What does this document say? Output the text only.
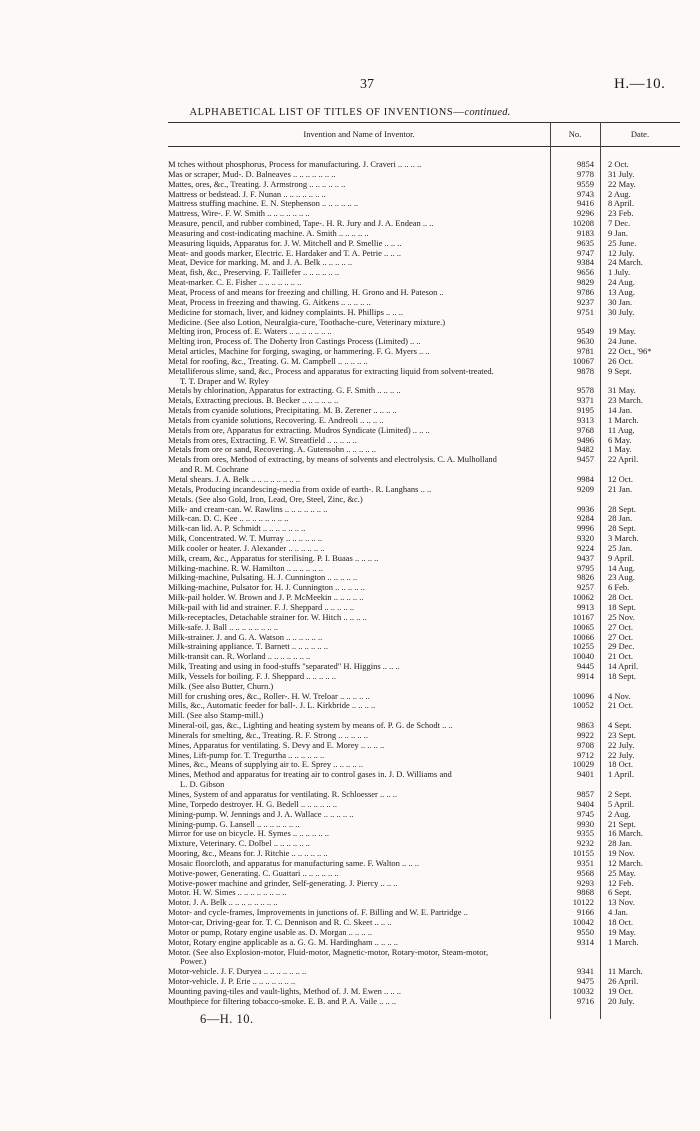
37	H.—10.
ALPHABETICAL LIST OF TITLES OF INVENTIONS—continued.
Invention and Name of Inventor.	No.	Date.
M tches without phosphorus, Process for manufacturing. J. Craveri .. .. .. ..	9854 2 Oct.
Mas or scraper, Mud-. D. Balneaves .. .. .. .. .. .. ..	9778 31 July.
Mattes, ores, &c., Treating. J. Armstrong .. .. .. .. .. ..	9559 22 May.
Mattress or bedstead. J. F. Nunan .. .. .. .. .. .. ..	9743 2 Aug.
Mattress stuffing machine. E. N. Stephenson .. .. .. .. .. ..	9416 8 April.
Mattress, Wire-. F. W. Smith .. .. .. .. .. .. ..	9296 23 Feb.
Measure, pencil, and rubber combined, Tape-. H. R. Jury and J. A. Endean .. ..	10208 7 Dec.
Measuring and cost-indicating machine. A. Smith .. .. .. .. ..	9183 9 Jan.
Measuring liquids, Apparatus for. J. W. Mitchell and P. Smellie .. .. ..	9635 25 June.
Meat- and goods marker, Electric. E. Hardaker and T. A. Petrie .. .. ..	9747 12 July.
Meat, Device for marking. M. and J. A. Belk .. .. .. .. ..	9384 24 March.
Meat, fish, &c., Preserving. F. Taillefer .. .. .. .. .. ..	9656 1 July.
Meat-marker. C. E. Fisher .. .. .. .. .. .. ..	9829 24 Aug.
Meat, Process of and means for freezing and chilling. H. Grono and H. Pateson ..	9786 13 Aug.
Meat, Process in freezing and thawing. G. Aitkens .. .. .. .. ..	9237 30 Jan.
Medicine for stomach, liver, and kidney complaints. H. Phillips .. .. ..	9751 30 July.
Medicine. (See also Lotion, Neuralgia-cure, Toothache-cure, Veterinary mixture.)
Melting iron, Process of. E. Waters .. .. .. .. .. .. ..	9549 19 May.
Melting iron, Process of. The Doherty Iron Castings Process (Limited) .. ..	9630 24 June.
Metal articles, Machine for forging, swaging, or hammering. F. G. Myers .. ..	9781 22 Oct., '96*
Metal for roofing, &c., Treating. G. M. Campbell .. .. .. .. ..	10067 26 Oct.
Metalliferous slime, sand, &c., Process and apparatus for extracting liquid from solvent-treated.	9878 9 Sept.
T. T. Draper and W. Ryley
Metals by chlorination, Apparatus for extracting. G. F. Smith .. .. .. ..	9578 31 May.
Metals, Extracting precious. B. Becker .. .. .. .. .. ..	9371 23 March.
Metals from cyanide solutions, Precipitating. M. B. Zerener .. .. .. ..	9195 14 Jan.
Metals from cyanide solutions, Recovering. E. Andreoli .. .. .. ..	9313 1 March.
Metals from ore, Apparatus for extracting. Mudros Syndicate (Limited) .. .. ..	9768 11 Aug.
Metals from ores, Extracting. F. W. Streatfield .. .. .. .. ..	9496 6 May.
Metals from ore or sand, Recovering. A. Gutensohn .. .. .. .. ..	9482 1 May.
Metals from ores, Method of extracting, by means of solvents and electrolysis. C. A. Mulholland	9457 22 April.
and R. M. Cochrane
Metal shears. J. A. Belk .. .. .. .. .. .. .. ..	9984 12 Oct.
Metals, Producing incandescing-media from oxide of earth-. R. Langhans .. ..	9209 21 Jan.
Metals. (See also Gold, Iron, Lead, Ore, Steel, Zinc, &c.)
Milk- and cream-can. W. Rawlins .. .. .. .. .. .. ..	9936 28 Sept.
Milk-can. D. C. Kee .. .. .. .. .. .. .. ..	9284 28 Jan.
Milk-can lid. A. P. Schmidt .. .. .. .. .. .. ..	9996 28 Sept.
Milk, Concentrated. W. T. Murray .. .. .. .. .. ..	9320 3 March.
Milk cooler or heater. J. Alexander .. .. .. .. .. ..	9224 25 Jan.
Milk, cream, &c., Apparatus for sterilising. P. I. Buaas .. .. .. ..	9437 9 April.
Milking-machine. R. W. Hamilton .. .. .. .. .. ..	9795 14 Aug.
Milking-machine, Pulsating. H. J. Cunnington .. .. .. .. ..	9826 23 Aug.
Milking-machine, Pulsator for. H. J. Cunnington .. .. .. .. ..	9257 6 Feb.
Milk-pail holder. W. Brown and J. P. McMeekin .. .. .. .. ..	10062 28 Oct.
Milk-pail with lid and strainer. F. J. Sheppard .. .. .. .. ..	9913 18 Sept.
Milk-receptacles, Detachable strainer for. W. Hitch .. .. .. ..	10167 25 Nov.
Milk-safe. J. Ball .. .. .. .. .. .. .. ..	10065 27 Oct.
Milk-strainer. J. and G. A. Watson .. .. .. .. .. ..	10066 27 Oct.
Milk-straining appliance. T. Barnett .. .. .. .. .. ..	10255 29 Dec.
Milk-transit can. R. Worland .. .. .. .. .. .. ..	10040 21 Oct.
Milk, Treating and using in food-stuffs "separated" H. Higgins .. .. ..	9445 14 April.
Milk, Vessels for boiling. F. J. Sheppard .. .. .. .. ..	9914 18 Sept.
Milk. (See also Butter, Churn.)
Mill for crushing ores, &c., Roller-. H. W. Treloar .. .. .. .. ..	10096 4 Nov.
Mills, &c., Automatic feeder for ball-. J. L. Kirkbride .. .. .. ..	10052 21 Oct.
Mill. (See also Stamp-mill.)
Mineral-oil, gas, &c., Lighting and heating system by means of. P. G. de Schodt .. ..	9863 4 Sept.
Minerals for smelting, &c., Treating. R. F. Strong .. .. .. .. ..	9922 23 Sept.
Mines, Apparatus for ventilating. S. Devy and E. Morey .. .. .. ..	9708 22 July.
Mines, Lift-pump for. T. Tregurtha .. .. .. .. .. ..	9712 22 July.
Mines, &c., Means of supplying air to. E. Sprey .. .. .. .. ..	10029 18 Oct.
Mines, Method and apparatus for treating air to control gases in. J. D. Williams and	9401 1 April.
L. D. Gibson
Mines, System of and apparatus for ventilating. R. Schloesser .. .. ..	9857 2 Sept.
Mine, Torpedo destroyer. H. G. Bedell .. .. .. .. .. ..	9404 5 April.
Mining-pump. W. Jennings and J. A. Wallace .. .. .. .. ..	9745 2 Aug.
Mining-pump. G. Lansell .. .. .. .. .. .. ..	9930 21 Sept.
Mirror for use on bicycle. H. Symes .. .. .. .. .. ..	9355 16 March.
Mixture, Veterinary. C. Dolbel .. .. .. .. .. ..	9232 28 Jan.
Mooring, &c., Means for. J. Ritchie .. .. .. .. .. ..	10155 19 Nov.
Mosaic floorcloth, and apparatus for manufacturing same. F. Walton .. .. ..	9351 12 March.
Motive-power, Generating. C. Guattari .. .. .. .. .. ..	9568 25 May.
Motive-power machine and grinder, Self-generating. J. Piercy .. .. ..	9293 12 Feb.
Motor. H. W. Simes .. .. .. .. .. .. .. ..	9868 6 Sept.
Motor. J. A. Belk .. .. .. .. .. .. .. ..	10122 13 Nov.
Motor- and cycle-frames, Improvements in junctions of. F. Billing and W. E. Partridge ..	9166 4 Jan.
Motor-car, Driving-gear for. T. C. Dennison and R. C. Skeet .. .. ..	10042 18 Oct.
Motor or pump, Rotary engine usable as. D. Morgan .. .. .. ..	9550 19 May.
Motor, Rotary engine applicable as a. G. G. M. Hardingham .. .. .. ..	9314 1 March.
Motor. (See also Explosion-motor, Fluid-motor, Magnetic-motor, Rotary-motor, Steam-motor,
Power.)
Motor-vehicle. J. F. Duryea .. .. .. .. .. .. ..	9341 11 March.
Motor-vehicle. J. P. Erie .. .. .. .. .. .. ..	9475 26 April.
Mounting paving-tiles and vault-lights, Method of. J. M. Ewen .. .. ..	10032 19 Oct.
Mouthpiece for filtering tobacco-smoke. E. B. and P. A. Vaile .. .. ..	9716 20 July.
6—H. 10.
